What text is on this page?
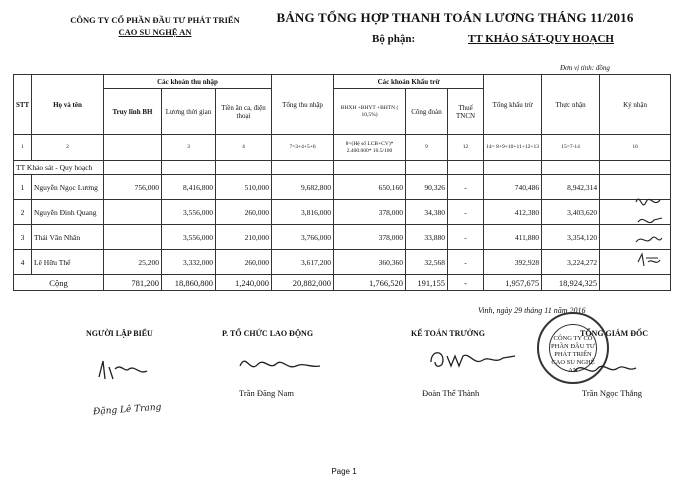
CÔNG TY CỔ PHẦN ĐẦU TƯ PHÁT TRIỂN
CAO SU NGHỆ AN
BẢNG TỔNG HỢP THANH TOÁN LƯƠNG THÁNG 11/2016
Bộ phận:	TT KHẢO SÁT-QUY HOẠCH
Đơn vị tính: đồng
STT	Họ và tên	Các khoản thu nhập			Tổng thu nhập	Các khoản Khấu trừ			Tổng khấu trừ	Thực nhận	Ký nhận
		Truy lĩnh BH	Lương thời gian	Tiền ăn ca, điện thoại		BHXH +BHYT +BHTN ( 10,5%)	Công đoàn	Thuế TNCN			
1	2		3	4	7=3+4+5+6	8=(Hệ số LCB+CV)* 2.400.000* 10.5/100	9	12	14= 8+9+10+11+12+13	15=7-14	16
TT Khảo sát - Quy hoạch											
1	Nguyễn Ngọc Lương	756,000	8,416,800	510,000	9,682,800	650,160	90,326	-	740,486	8,942,314	
2	Nguyễn Đình Quang		3,556,000	260,000	3,816,000	378,000	34,380	-	412,380	3,403,620	
3	Thái Văn Nhân		3,556,000	210,000	3,766,000	378,000	33,880	-	411,880	3,354,120	
4	Lê Hữu Thể	25,200	3,332,000	260,000	3,617,200	360,360	32,568	-	392,928	3,224,272	
Cộng		781,200	18,860,800	1,240,000	20,882,000	1,766,520	191,155	-	1,957,675	18,924,325	
Vinh, ngày 29 tháng 11 năm 2016
NGƯỜI LẬP BIỂU	P. TỔ CHỨC LAO ĐỘNG	KẾ TOÁN TRƯỞNG	TỔNG GIÁM ĐỐC
Đặng Lê Trang
Trần Đăng Nam	Đoàn Thế Thành
CÔNG TY CỔ PHẦN ĐẦU TƯ PHÁT TRIỂN CAO SU NGHỆ AN
Trần Ngọc Thắng
Page 1
